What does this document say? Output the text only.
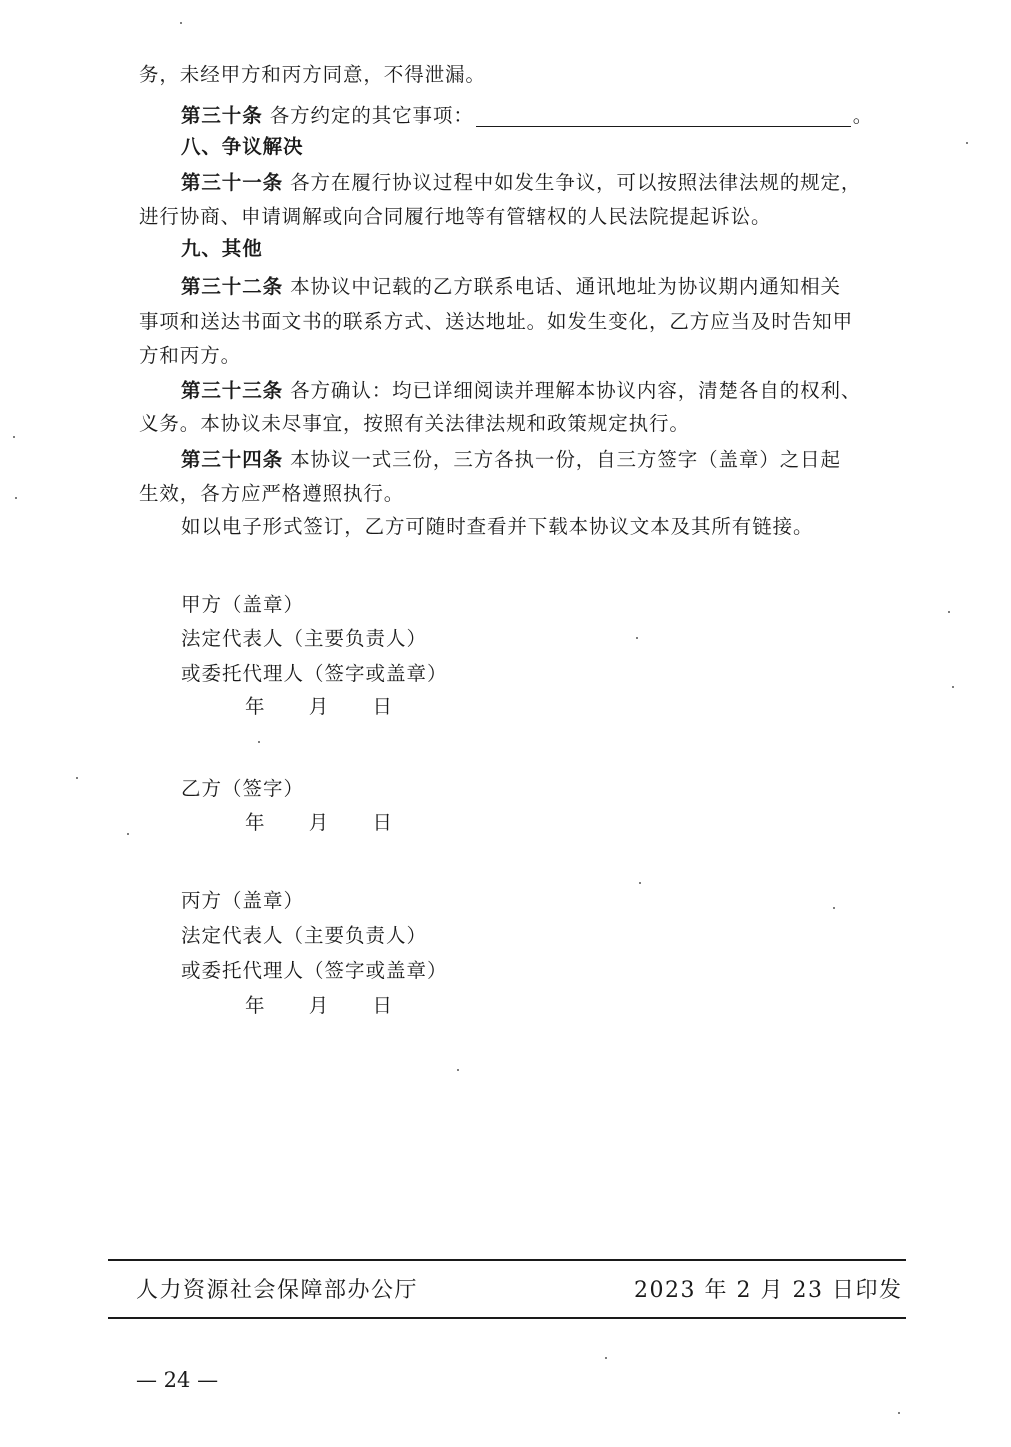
务，未经甲方和丙方同意，不得泄漏。
第三十条 各方约定的其它事项：	。
八、争议解决
第三十一条 各方在履行协议过程中如发生争议，可以按照法律法规的规定，
进行协商、申请调解或向合同履行地等有管辖权的人民法院提起诉讼。
九、其他
第三十二条 本协议中记载的乙方联系电话、通讯地址为协议期内通知相关
事项和送达书面文书的联系方式、送达地址。如发生变化，乙方应当及时告知甲
方和丙方。
第三十三条 各方确认：均已详细阅读并理解本协议内容，清楚各自的权利、
义务。本协议未尽事宜，按照有关法律法规和政策规定执行。
第三十四条 本协议一式三份，三方各执一份，自三方签字（盖章）之日起
生效，各方应严格遵照执行。
如以电子形式签订，乙方可随时查看并下载本协议文本及其所有链接。
甲方（盖章）
法定代表人（主要负责人）
或委托代理人（签字或盖章）
年 月 日
乙方（签字）
年 月 日
丙方（盖章）
法定代表人（主要负责人）
或委托代理人（签字或盖章）
年 月 日
人力资源社会保障部办公厅	2023 年 2 月 23 日印发
— 24 —
